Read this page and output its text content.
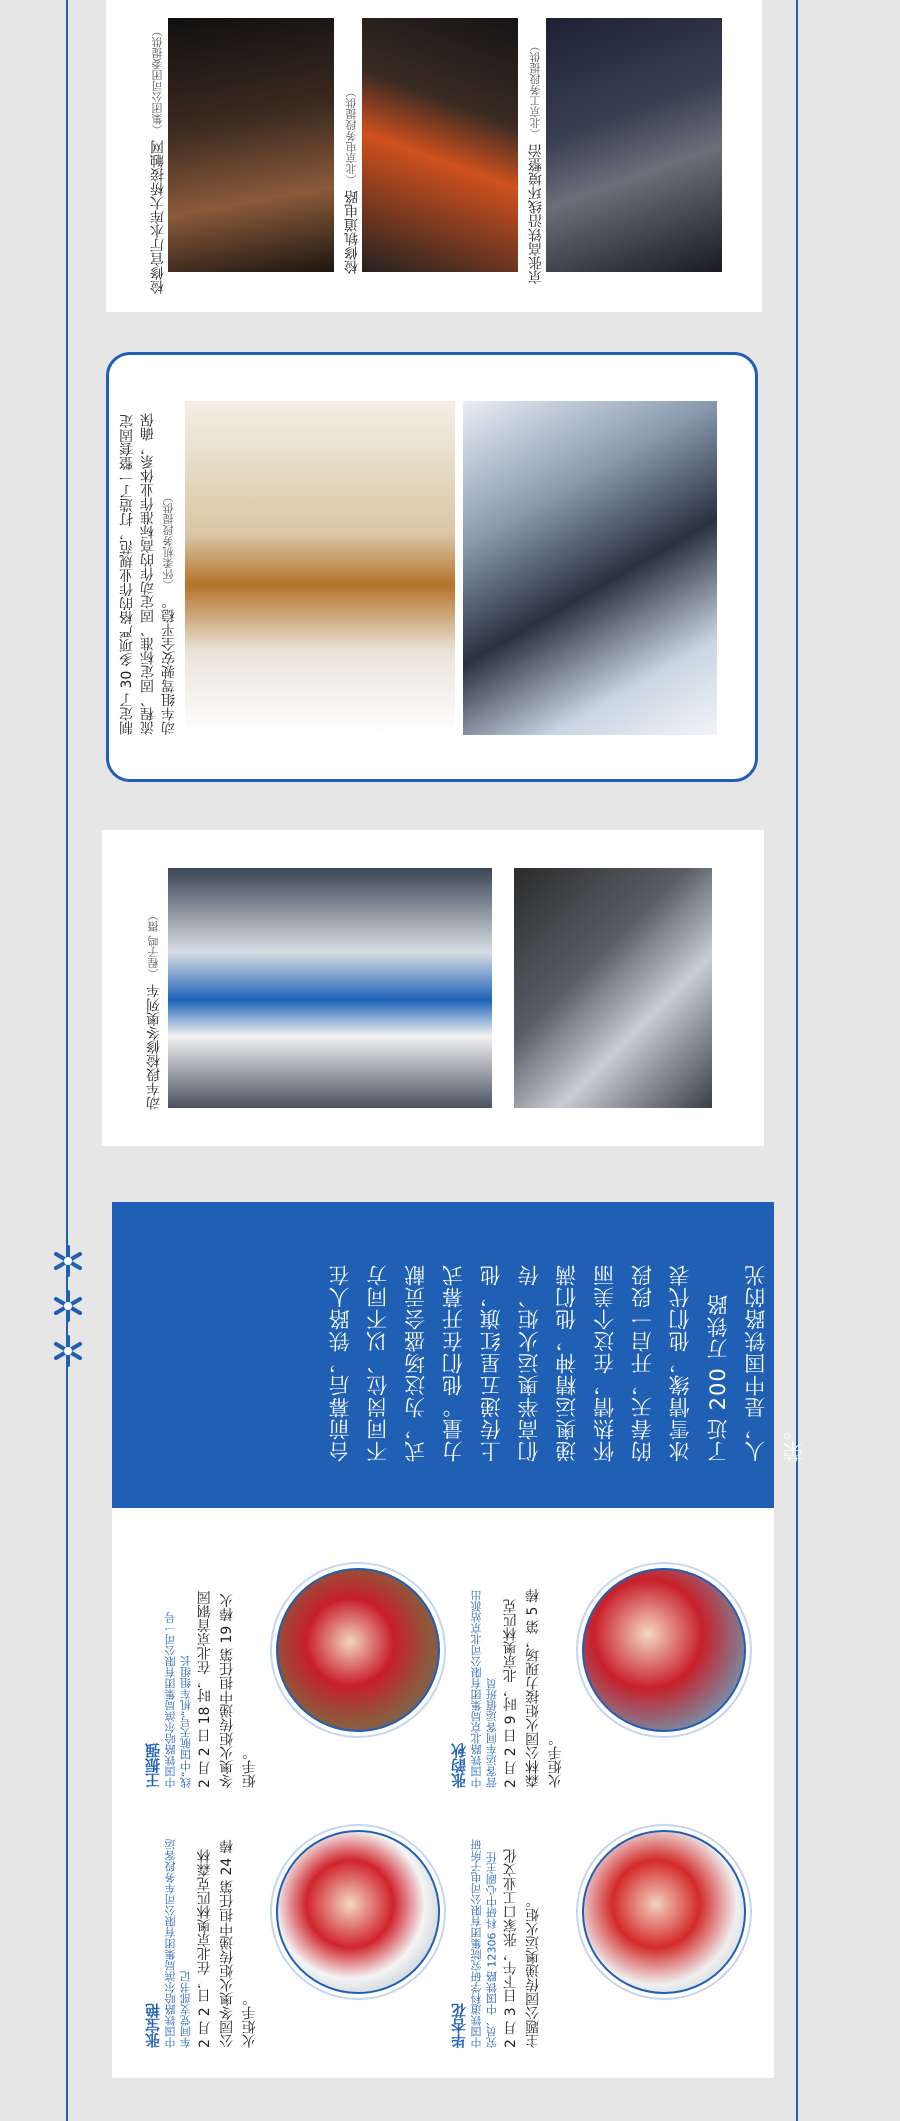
京张高铁沿线环境整治 （北京工务段提供）
检修轨道电路 （北京电务段提供）
检修官厅水库大桥接触网 （集团公司团委提供）
制定了 30 多项严格的作业规范，打造了一整套固定流程、固定标准、固定动作的高标准作业体系，确保动车组驾驶安全平稳。 （怀柔机务段提供）
动车段检修冬奥列车 （程子鸣 摄）
台前幕后，铁路人在不同岗位、以不同方式，为这场盛会贡献力量。他们在开幕式上传递五星红旗，他们高举奥运火炬、传递奥运精神，他们满怀热情，在这个美丽的春天，开启一段段冰雪情缘，他们代表了近 200 万铁路人，是中国铁路的光荣。
张韵秋 中国铁路北京局集团有限公司北京站派出营客运车间客运值班员 2 月 2 日 9 时，北京奥林匹克森林公园火炬接力现场，第 5 棒火炬手。
毕杏花 中国铁道科学研究院集团有限公司电子所研究员、中国铁路 12306 科研中心副主任 2 月 3 日下午，张家口工业文化主题公园传递奥运火炬。
王振强 中国铁路哈尔滨局集团有限公司一号线“中国航天号”机车组组长 2 月 2 日 18 时，在北京首钢园冬奥火炬传递中担任第 19 棒火炬手。
张宝艳 中国铁路哈尔滨局集团有限公司车务段客运车间党支部书记 2 月 2 日，在北京奥林匹克森林公园冬奥火炬传递中担任第 24 棒火炬手。
